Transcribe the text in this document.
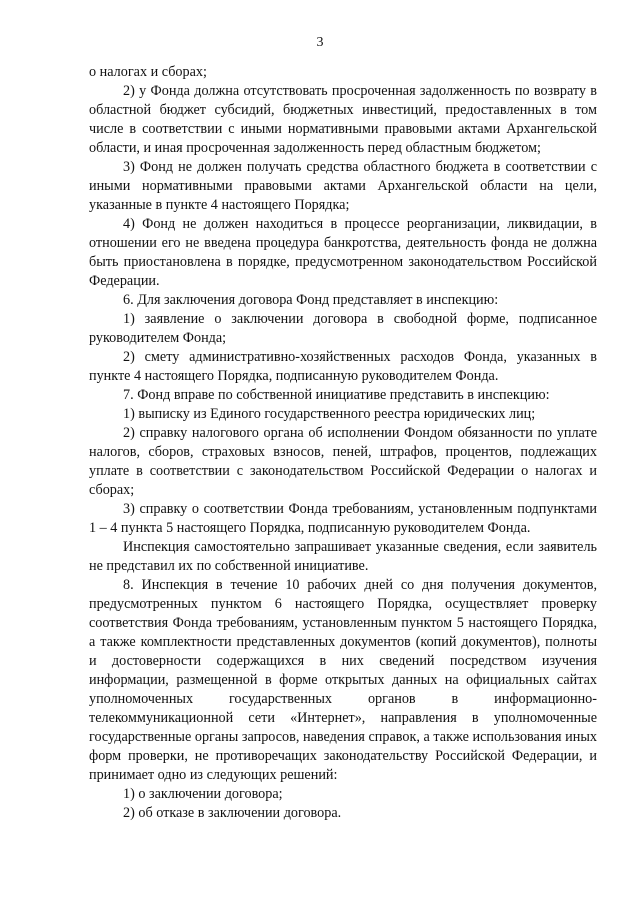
3

о налогах и сборах;

2) у Фонда должна отсутствовать просроченная задолженность по возврату в областной бюджет субсидий, бюджетных инвестиций, предоставленных в том числе в соответствии с иными нормативными правовыми актами Архангельской области, и иная просроченная задолженность перед областным бюджетом;

3) Фонд не должен получать средства областного бюджета в соответствии с иными нормативными правовыми актами Архангельской области на цели, указанные в пункте 4 настоящего Порядка;

4) Фонд не должен находиться в процессе реорганизации, ликвидации, в отношении его не введена процедура банкротства, деятельность фонда не должна быть приостановлена в порядке, предусмотренном законодательством Российской Федерации.

6. Для заключения договора Фонд представляет в инспекцию:

1) заявление о заключении договора в свободной форме, подписанное руководителем Фонда;

2) смету административно-хозяйственных расходов Фонда, указанных в пункте 4 настоящего Порядка, подписанную руководителем Фонда.

7. Фонд вправе по собственной инициативе представить в инспекцию:

1) выписку из Единого государственного реестра юридических лиц;

2) справку налогового органа об исполнении Фондом обязанности по уплате налогов, сборов, страховых взносов, пеней, штрафов, процентов, подлежащих уплате в соответствии с законодательством Российской Федерации о налогах и сборах;

3) справку о соответствии Фонда требованиям, установленным подпунктами 1 – 4 пункта 5 настоящего Порядка, подписанную руководителем Фонда.

Инспекция самостоятельно запрашивает указанные сведения, если заявитель не представил их по собственной инициативе.

8. Инспекция в течение 10 рабочих дней со дня получения документов, предусмотренных пунктом 6 настоящего Порядка, осуществляет проверку соответствия Фонда требованиям, установленным пунктом 5 настоящего Порядка, а также комплектности представленных документов (копий документов), полноты и достоверности содержащихся в них сведений посредством изучения информации, размещенной в форме открытых данных на официальных сайтах уполномоченных государственных органов в информационно-телекоммуникационной сети «Интернет», направления в уполномоченные государственные органы запросов, наведения справок, а также использования иных форм проверки, не противоречащих законодательству Российской Федерации, и принимает одно из следующих решений:

1) о заключении договора;

2) об отказе в заключении договора.
